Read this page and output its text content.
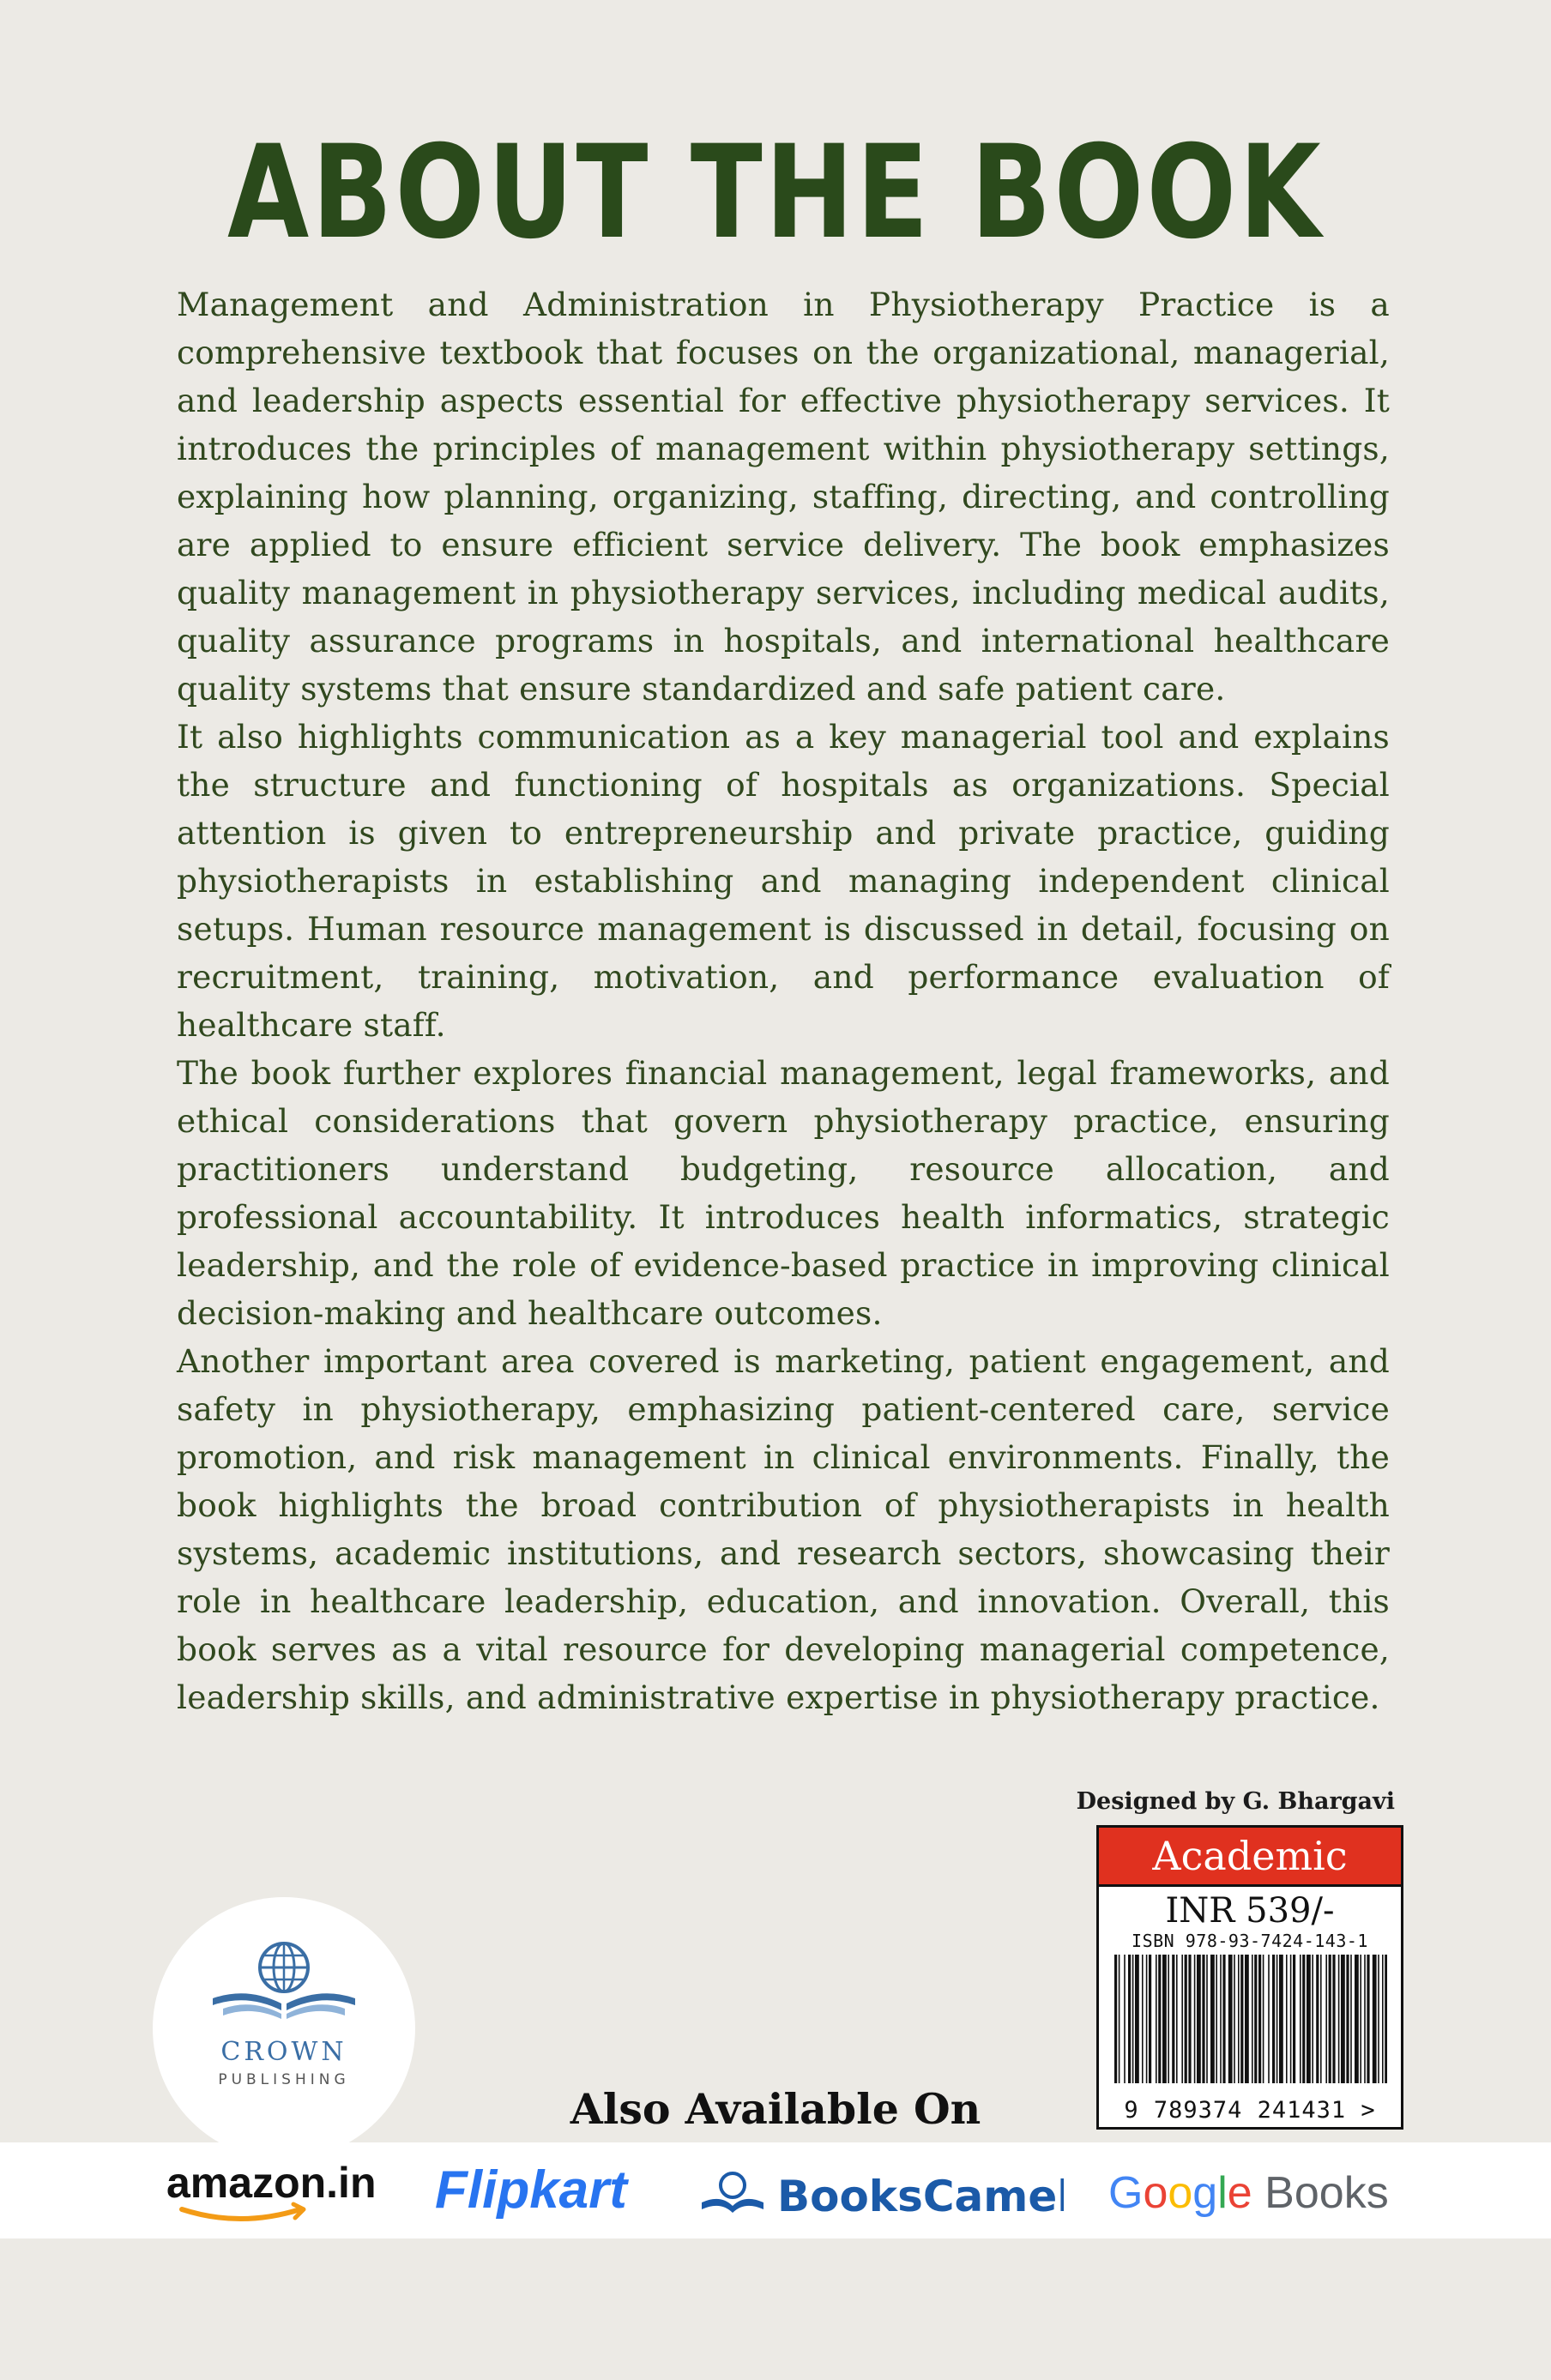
ABOUT THE BOOK

Management and Administration in Physiotherapy Practice is a comprehensive textbook that focuses on the organizational, managerial, and leadership aspects essential for effective physiotherapy services. It introduces the principles of management within physiotherapy settings, explaining how planning, organizing, staffing, directing, and controlling are applied to ensure efficient service delivery. The book emphasizes quality management in physiotherapy services, including medical audits, quality assurance programs in hospitals, and international healthcare quality systems that ensure standardized and safe patient care.

It also highlights communication as a key managerial tool and explains the structure and functioning of hospitals as organizations. Special attention is given to entrepreneurship and private practice, guiding physiotherapists in establishing and managing independent clinical setups. Human resource management is discussed in detail, focusing on recruitment, training, motivation, and performance evaluation of healthcare staff.

The book further explores financial management, legal frameworks, and ethical considerations that govern physiotherapy practice, ensuring practitioners understand budgeting, resource allocation, and professional accountability. It introduces health informatics, strategic leadership, and the role of evidence-based practice in improving clinical decision-making and healthcare outcomes.

Another important area covered is marketing, patient engagement, and safety in physiotherapy, emphasizing patient-centered care, service promotion, and risk management in clinical environments. Finally, the book highlights the broad contribution of physiotherapists in health systems, academic institutions, and research sectors, showcasing their role in healthcare leadership, education, and innovation. Overall, this book serves as a vital resource for developing managerial competence, leadership skills, and administrative expertise in physiotherapy practice.

Designed by G. Bhargavi
Academic
INR 539/-
ISBN 978-93-7424-143-1
9 789374 241431 >
CROWN
PUBLISHING
Also Available On
amazon.in Flipkart	BooksCamel Google Books
